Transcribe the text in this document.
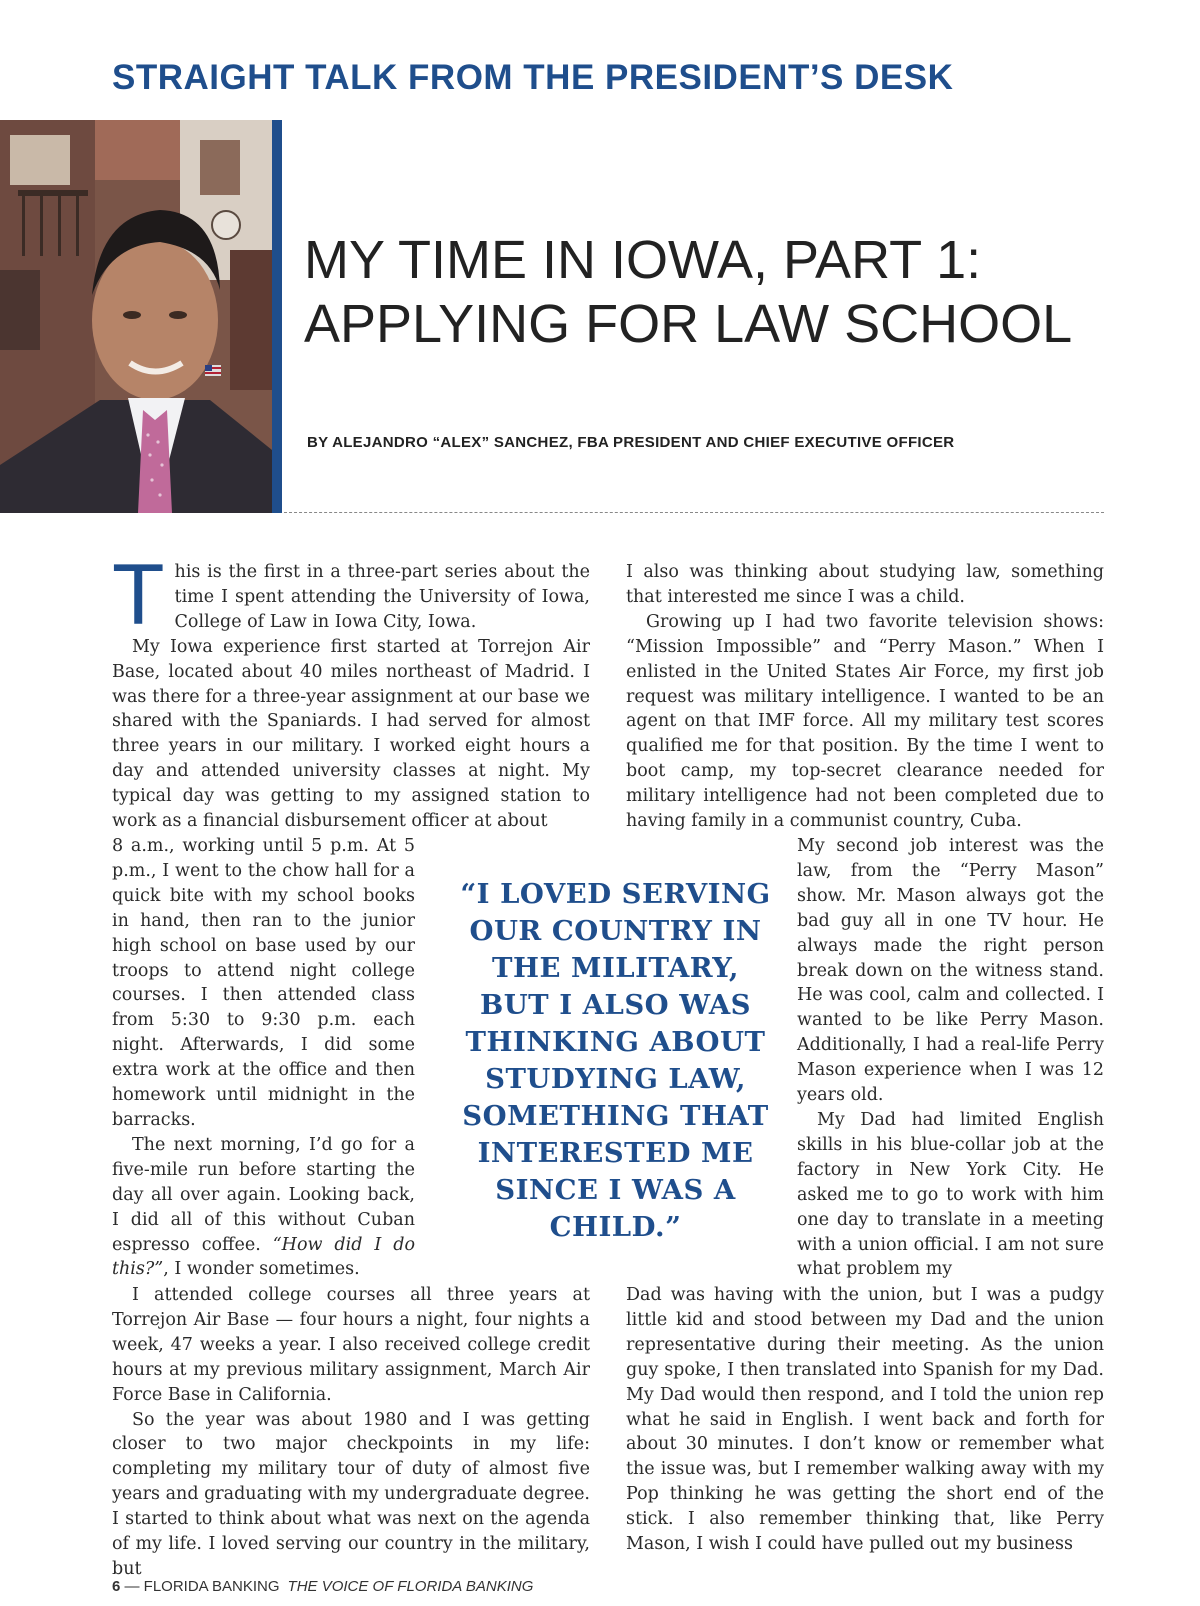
STRAIGHT TALK FROM THE PRESIDENT’S DESK
MY TIME IN IOWA, PART 1:
APPLYING FOR LAW SCHOOL
BY ALEJANDRO “ALEX” SANCHEZ, FBA PRESIDENT AND CHIEF EXECUTIVE OFFICER

This is the first in a three-part series about the time I spent attending the University of Iowa, College of Law in Iowa City, Iowa.

My Iowa experience first started at Torrejon Air Base, located about 40 miles northeast of Madrid. I was there for a three-year assignment at our base we shared with the Spaniards. I had served for almost three years in our military. I worked eight hours a day and attended university classes at night. My typical day was getting to my assigned station to work as a financial disbursement officer at about

8 a.m., working until 5 p.m. At 5 p.m., I went to the chow hall for a quick bite with my school books in hand, then ran to the junior high school on base used by our troops to attend night college courses. I then attended class from 5:30 to 9:30 p.m. each night. Afterwards, I did some extra work at the office and then homework until midnight in the barracks.

The next morning, I’d go for a five-mile run before starting the day all over again. Looking back, I did all of this without Cuban espresso coffee. “How did I do this?”, I wonder sometimes.

I attended college courses all three years at Torrejon Air Base — four hours a night, four nights a week, 47 weeks a year. I also received college credit hours at my previous military assignment, March Air Force Base in California.

So the year was about 1980 and I was getting closer to two major checkpoints in my life: completing my military tour of duty of almost five years and graduating with my undergraduate degree. I started to think about what was next on the agenda of my life. I loved serving our country in the military, but

“I LOVED SERVING OUR COUNTRY IN THE MILITARY, BUT I ALSO WAS THINKING ABOUT STUDYING LAW, SOMETHING THAT INTERESTED ME SINCE I WAS A CHILD.”

I also was thinking about studying law, something that interested me since I was a child.

Growing up I had two favorite television shows: “Mission Impossible” and “Perry Mason.” When I enlisted in the United States Air Force, my first job request was military intelligence. I wanted to be an agent on that IMF force. All my military test scores qualified me for that position. By the time I went to boot camp, my top-secret clearance needed for military intelligence had not been completed due to having family in a communist country, Cuba.

My second job interest was the law, from the “Perry Mason” show. Mr. Mason always got the bad guy all in one TV hour. He always made the right person break down on the witness stand. He was cool, calm and collected. I wanted to be like Perry Mason. Additionally, I had a real-life Perry Mason experience when I was 12 years old.

My Dad had limited English skills in his blue-collar job at the factory in New York City. He asked me to go to work with him one day to translate in a meeting with a union official. I am not sure what problem my

Dad was having with the union, but I was a pudgy little kid and stood between my Dad and the union representative during their meeting. As the union guy spoke, I then translated into Spanish for my Dad. My Dad would then respond, and I told the union rep what he said in English. I went back and forth for about 30 minutes. I don’t know or remember what the issue was, but I remember walking away with my Pop thinking he was getting the short end of the stick. I also remember thinking that, like Perry Mason, I wish I could have pulled out my business

6 — FLORIDA BANKING THE VOICE OF FLORIDA BANKING
